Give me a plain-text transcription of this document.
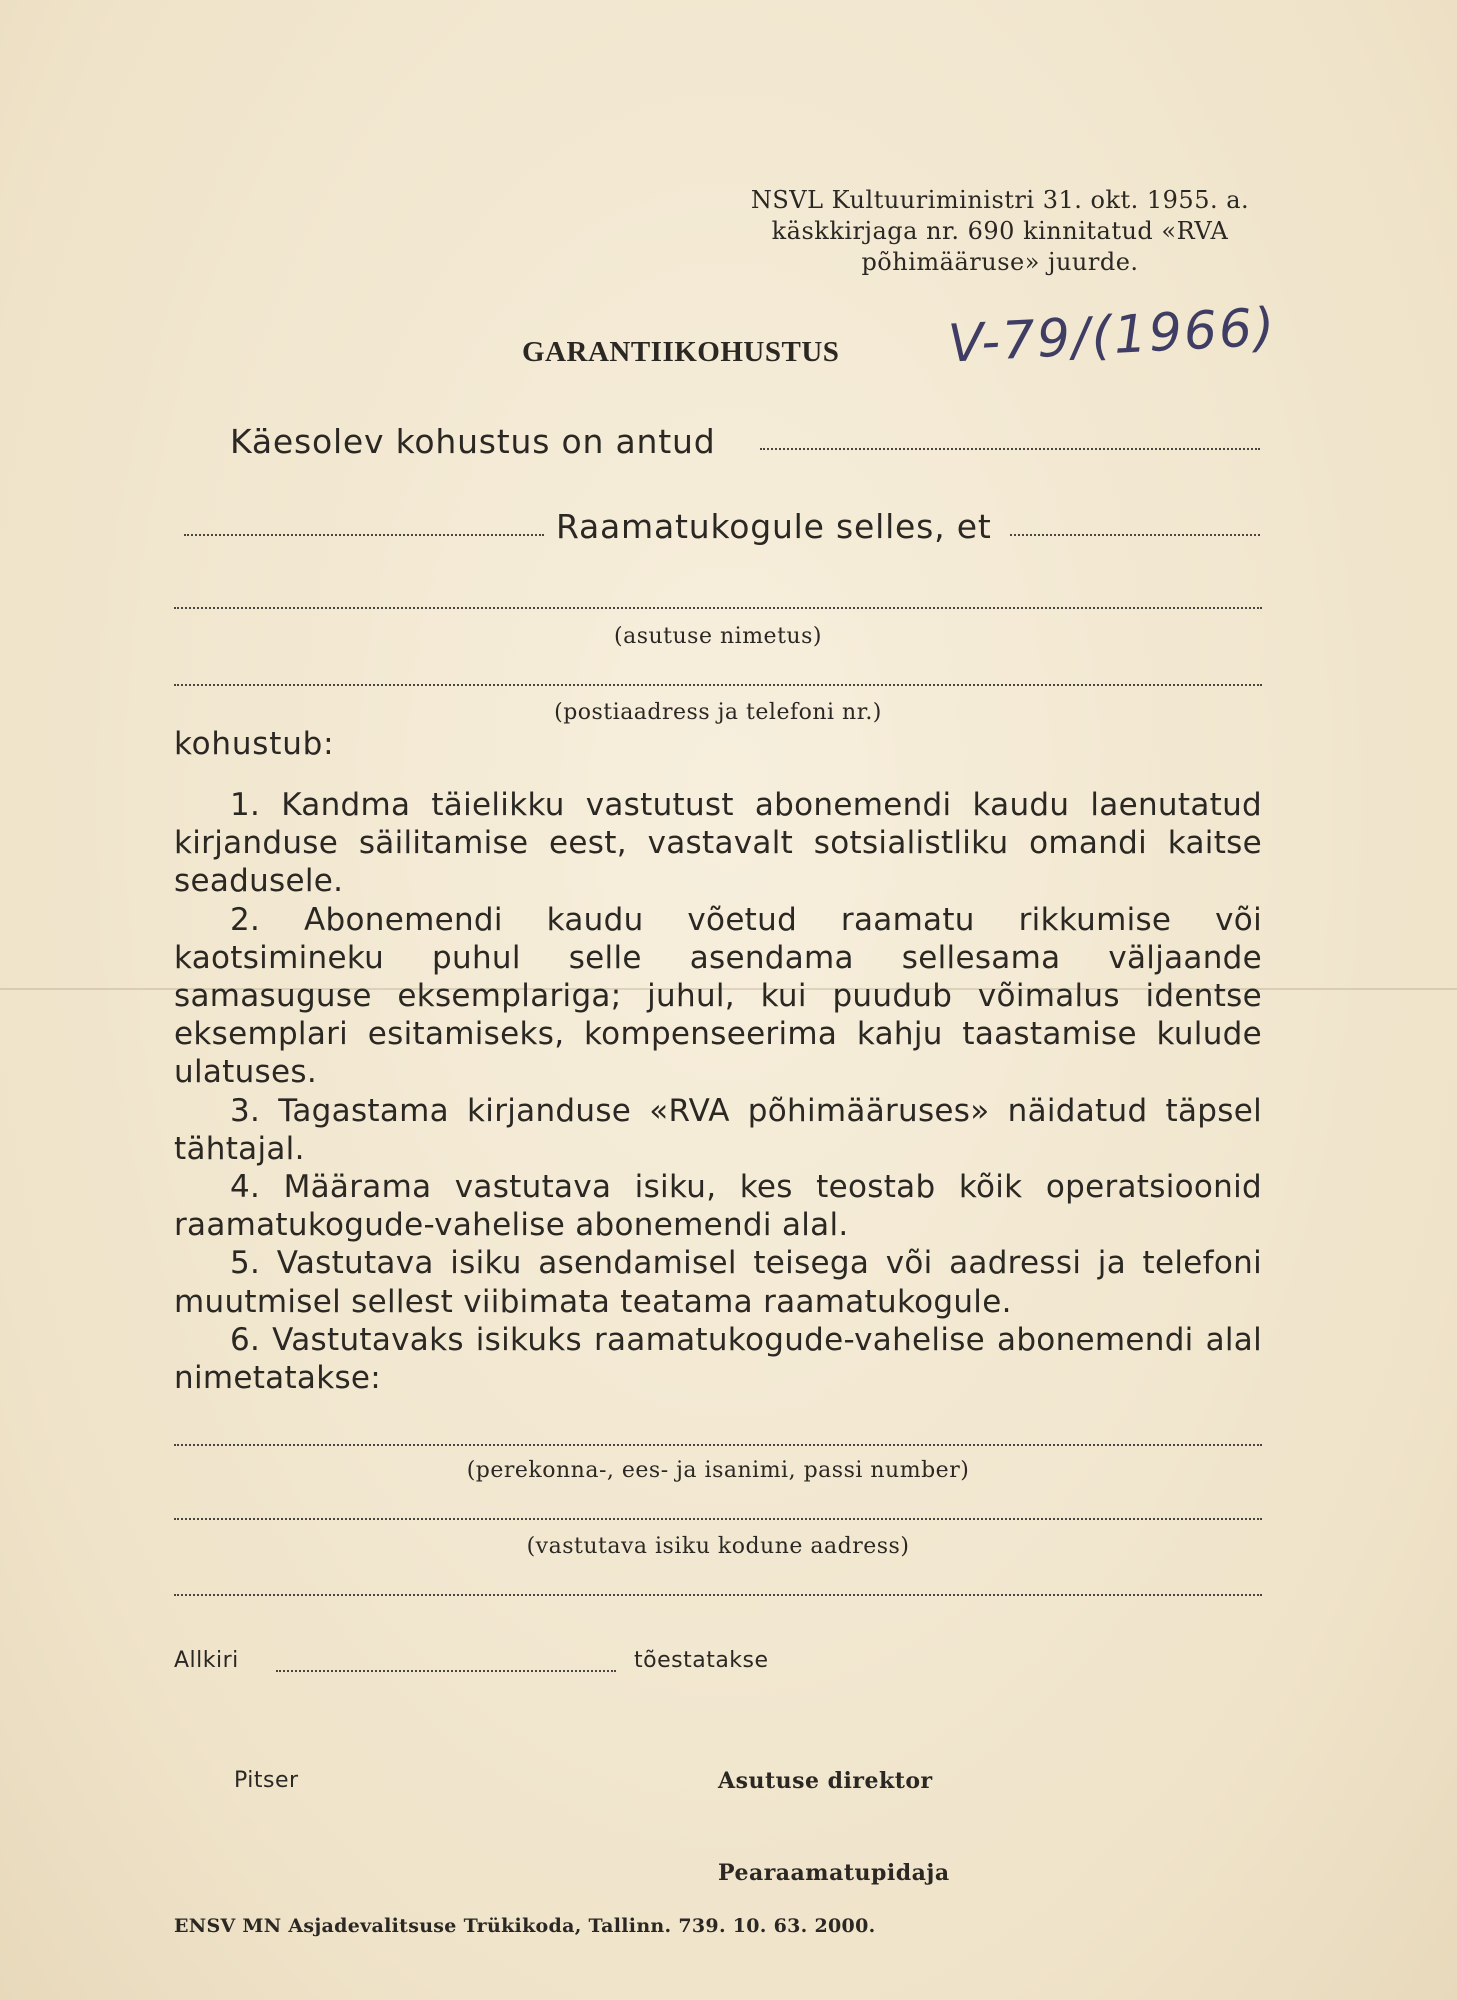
NSVL Kultuuriministri 31. okt. 1955. a.
käskkirjaga nr. 690 kinnitatud «RVA
põhimääruse» juurde.
GARANTIIKOHUSTUS V-79/(1966)
Käesolev kohustus on antud
Raamatukogule selles, et
(asutuse nimetus)
(postiaadress ja telefoni nr.)
kohustub:

1. Kandma täielikku vastutust abonemendi kaudu laenutatud kirjanduse säilitamise eest, vastavalt sotsialistliku omandi kaitse seadusele.

2. Abonemendi kaudu võetud raamatu rikkumise või kaotsimineku puhul selle asendama sellesama väljaande samasuguse eksemplariga; juhul, kui puudub võimalus identse eksemplari esitamiseks, kompenseerima kahju taastamise kulude ulatuses.

3. Tagastama kirjanduse «RVA põhimääruses» näidatud täpsel tähtajal.

4. Määrama vastutava isiku, kes teostab kõik operatsioonid raamatukogude-vahelise abonemendi alal.

5. Vastutava isiku asendamisel teisega või aadressi ja telefoni muutmisel sellest viibimata teatama raamatukogule.

6. Vastutavaks isikuks raamatukogude-vahelise abonemendi alal nimetatakse:

(perekonna-, ees- ja isanimi, passi number)
(vastutava isiku kodune aadress)
Allkiri	tõestatakse
Pitser	Asutuse direktor
Pearaamatupidaja
ENSV MN Asjadevalitsuse Trükikoda, Tallinn. 739. 10. 63. 2000.
